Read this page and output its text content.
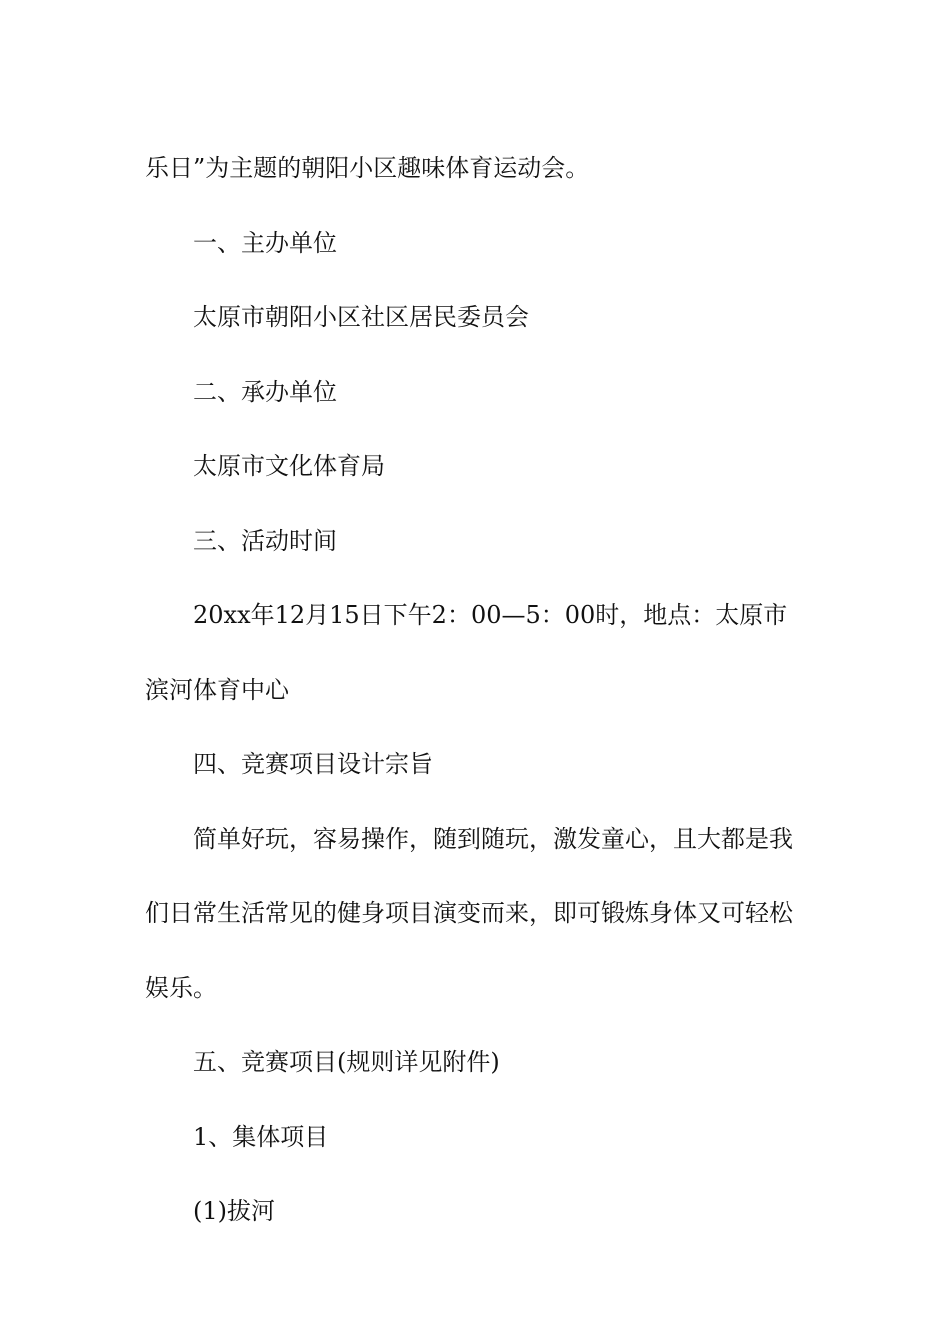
乐日”为主题的朝阳小区趣味体育运动会。

一、主办单位

太原市朝阳小区社区居民委员会

二、承办单位

太原市文化体育局

三、活动时间

20xx年12月15日下午2：00—5：00时，地点：太原市滨河体育中心

四、竞赛项目设计宗旨

简单好玩，容易操作，随到随玩，激发童心，且大都是我们日常生活常见的健身项目演变而来，即可锻炼身体又可轻松娱乐。

五、竞赛项目(规则详见附件)

1、集体项目

(1)拔河
